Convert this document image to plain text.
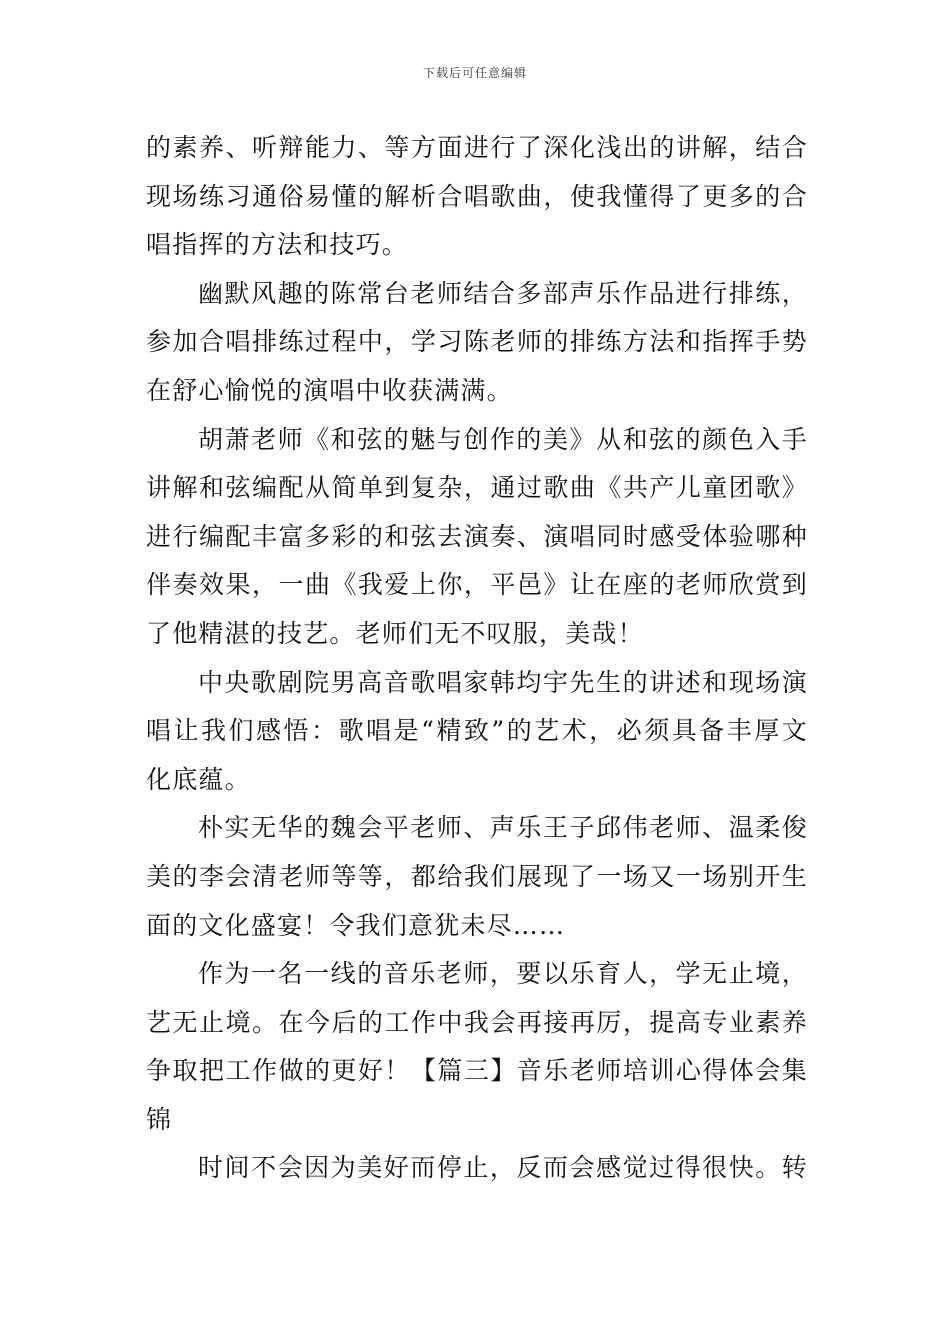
下载后可任意编辑
的素养、听辩能力、等方面进行了深化浅出的讲解，结合
现场练习通俗易懂的解析合唱歌曲，使我懂得了更多的合
唱指挥的方法和技巧。
幽默风趣的陈常台老师结合多部声乐作品进行排练，
参加合唱排练过程中，学习陈老师的排练方法和指挥手势
在舒心愉悦的演唱中收获满满。
胡萧老师《和弦的魅与创作的美》从和弦的颜色入手
讲解和弦编配从简单到复杂，通过歌曲《共产儿童团歌》
进行编配丰富多彩的和弦去演奏、演唱同时感受体验哪种
伴奏效果，一曲《我爱上你，平邑》让在座的老师欣赏到
了他精湛的技艺。老师们无不叹服，美哉！
中央歌剧院男高音歌唱家韩均宇先生的讲述和现场演
唱让我们感悟：歌唱是“精致”的艺术，必须具备丰厚文
化底蕴。
朴实无华的魏会平老师、声乐王子邱伟老师、温柔俊
美的李会清老师等等，都给我们展现了一场又一场别开生
面的文化盛宴！令我们意犹未尽……
作为一名一线的音乐老师，要以乐育人，学无止境，
艺无止境。在今后的工作中我会再接再厉，提高专业素养
争取把工作做的更好！【篇三】音乐老师培训心得体会集
锦
时间不会因为美好而停止，反而会感觉过得很快。转
